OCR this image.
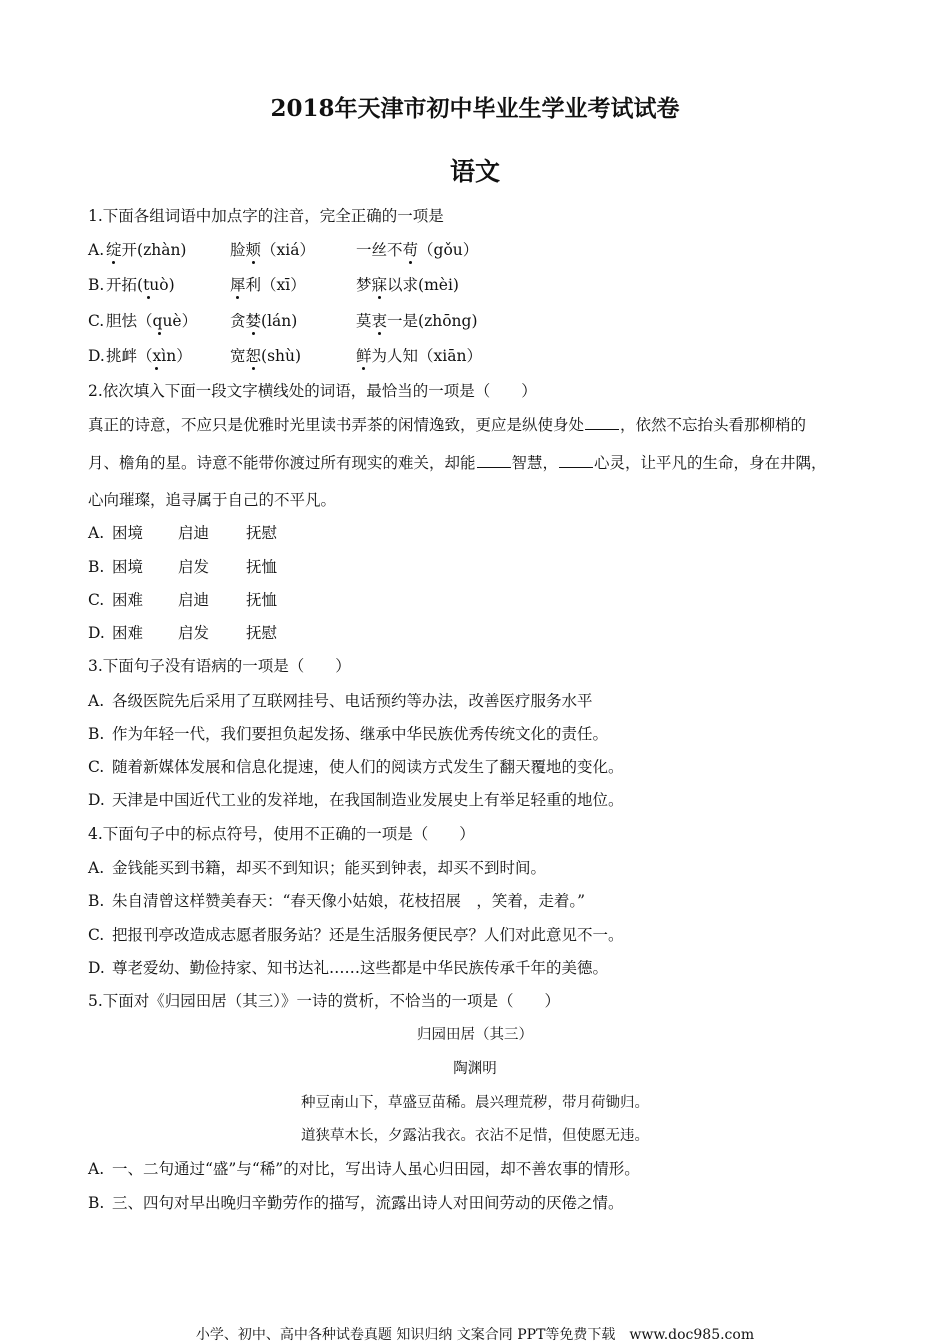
2018年天津市初中毕业生学业考试试卷
语文
1.下面各组词语中加点字的注音，完全正确的一项是
A. 绽开(zhàn)	脸颊（xiá）	一丝不苟（gǒu）
B. 开拓(tuò)	犀利（xī）	梦寐以求(mèi)
C. 胆怯（què） 贪婪(lán)	莫衷一是(zhōng)
D. 挑衅（xìn） 宽恕(shù)	鲜为人知（xiān）
2.依次填入下面一段文字横线处的词语，最恰当的一项是（　　）
真正的诗意，不应只是优雅时光里读书弄茶的闲情逸致，更应是纵使身处 ，依然不忘抬头看那柳梢的
月、檐角的星。诗意不能带你渡过所有现实的难关，却能 智慧， 心灵，让平凡的生命，身在井隅，
心向璀璨，追寻属于自己的不平凡。
A. 困境 启迪 抚慰
B. 困境 启发 抚恤
C. 困难 启迪 抚恤
D. 困难 启发 抚慰
3.下面句子没有语病的一项是（　　）
A. 各级医院先后采用了互联网挂号、电话预约等办法，改善医疗服务水平
B. 作为年轻一代，我们要担负起发扬、继承中华民族优秀传统文化的责任。
C. 随着新媒体发展和信息化提速，使人们的阅读方式发生了翻天覆地的变化。
D. 天津是中国近代工业的发祥地，在我国制造业发展史上有举足轻重的地位。
4.下面句子中的标点符号，使用不正确的一项是（　　）
A. 金钱能买到书籍，却买不到知识；能买到钟表，却买不到时间。
B. 朱自清曾这样赞美春天：“春天像小姑娘，花枝招展　，笑着，走着。”
C. 把报刊亭改造成志愿者服务站？还是生活服务便民亭？人们对此意见不一。
D. 尊老爱幼、勤俭持家、知书达礼……这些都是中华民族传承千年的美德。
5.下面对《归园田居（其三）》一诗的赏析，不恰当的一项是（　　）
归园田居（其三）
陶渊明
种豆南山下，草盛豆苗稀。晨兴理荒秽，带月荷锄归。
道狭草木长，夕露沾我衣。衣沾不足惜，但使愿无违。
A. 一、二句通过“盛”与“稀”的对比，写出诗人虽心归田园，却不善农事的情形。
B. 三、四句对早出晚归辛勤劳作的描写，流露出诗人对田间劳动的厌倦之情。
小学、初中、高中各种试卷真题 知识归纳 文案合同 PPT等免费下载　www.doc985.com
